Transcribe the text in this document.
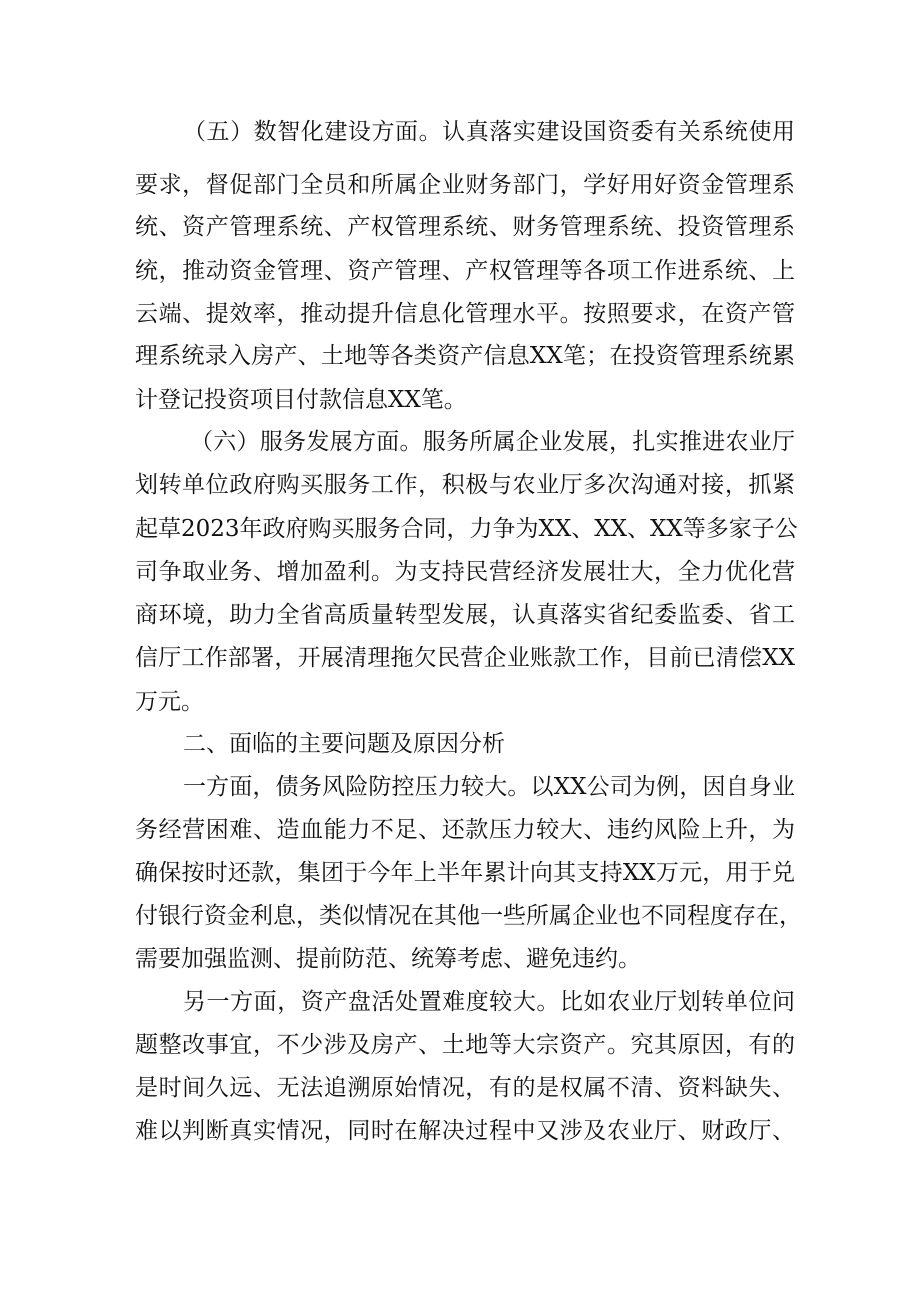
（五）数智化建设方面。认真落实建设国资委有关系统使用

要求，督促部门全员和所属企业财务部门，学好用好资金管理系

统、资产管理系统、产权管理系统、财务管理系统、投资管理系

统，推动资金管理、资产管理、产权管理等各项工作进系统、上

云端、提效率，推动提升信息化管理水平。按照要求，在资产管

理系统录入房产、土地等各类资产信息XX笔；在投资管理系统累

计登记投资项目付款信息XX笔。

（六）服务发展方面。服务所属企业发展，扎实推进农业厅

划转单位政府购买服务工作，积极与农业厅多次沟通对接，抓紧

起草2023年政府购买服务合同，力争为XX、XX、XX等多家子公

司争取业务、增加盈利。为支持民营经济发展壮大，全力优化营

商环境，助力全省高质量转型发展，认真落实省纪委监委、省工

信厅工作部署，开展清理拖欠民营企业账款工作，目前已清偿XX

万元。

二、面临的主要问题及原因分析

一方面，债务风险防控压力较大。以XX公司为例，因自身业

务经营困难、造血能力不足、还款压力较大、违约风险上升，为

确保按时还款，集团于今年上半年累计向其支持XX万元，用于兑

付银行资金利息，类似情况在其他一些所属企业也不同程度存在，

需要加强监测、提前防范、统筹考虑、避免违约。

另一方面，资产盘活处置难度较大。比如农业厅划转单位问

题整改事宜，不少涉及房产、土地等大宗资产。究其原因，有的

是时间久远、无法追溯原始情况，有的是权属不清、资料缺失、

难以判断真实情况，同时在解决过程中又涉及农业厅、财政厅、
